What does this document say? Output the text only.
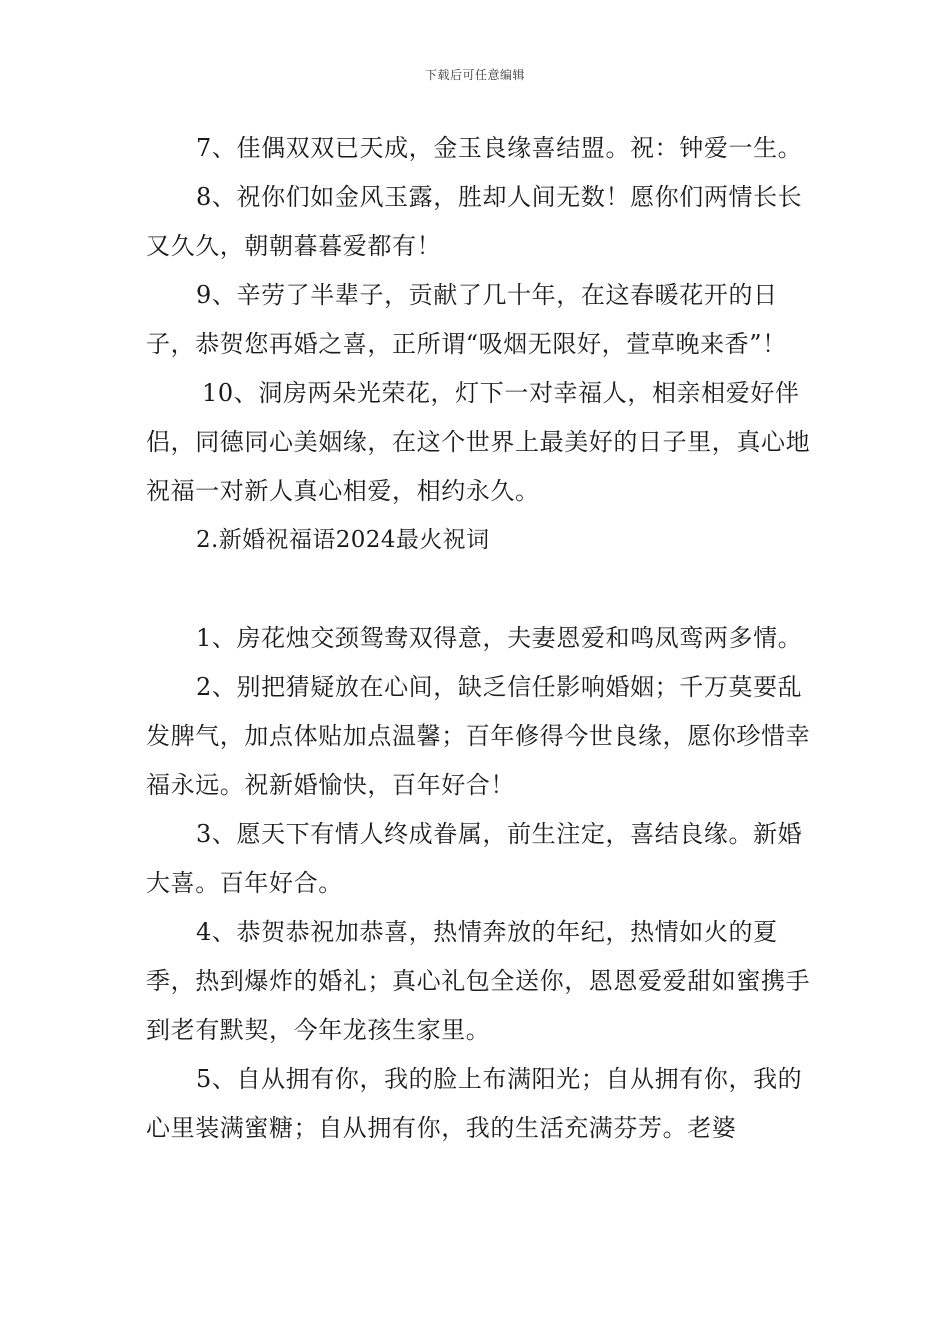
下载后可任意编辑

7、佳偶双双已天成，金玉良缘喜结盟。祝：钟爱一生。

8、祝你们如金风玉露，胜却人间无数！愿你们两情长长又久久，朝朝暮暮爱都有！

9、辛劳了半辈子，贡献了几十年，在这春暖花开的日子，恭贺您再婚之喜，正所谓“吸烟无限好，萱草晚来香”！

10、洞房两朵光荣花，灯下一对幸福人，相亲相爱好伴侣，同德同心美姻缘，在这个世界上最美好的日子里，真心地祝福一对新人真心相爱，相约永久。

2.新婚祝福语2024最火祝词

1、房花烛交颈鸳鸯双得意，夫妻恩爱和鸣凤鸾两多情。

2、别把猜疑放在心间，缺乏信任影响婚姻；千万莫要乱发脾气，加点体贴加点温馨；百年修得今世良缘，愿你珍惜幸福永远。祝新婚愉快，百年好合！

3、愿天下有情人终成眷属，前生注定，喜结良缘。新婚大喜。百年好合。

4、恭贺恭祝加恭喜，热情奔放的年纪，热情如火的夏季，热到爆炸的婚礼；真心礼包全送你，恩恩爱爱甜如蜜携手到老有默契，今年龙孩生家里。

5、自从拥有你，我的脸上布满阳光；自从拥有你，我的心里装满蜜糖；自从拥有你，我的生活充满芬芳。老婆
